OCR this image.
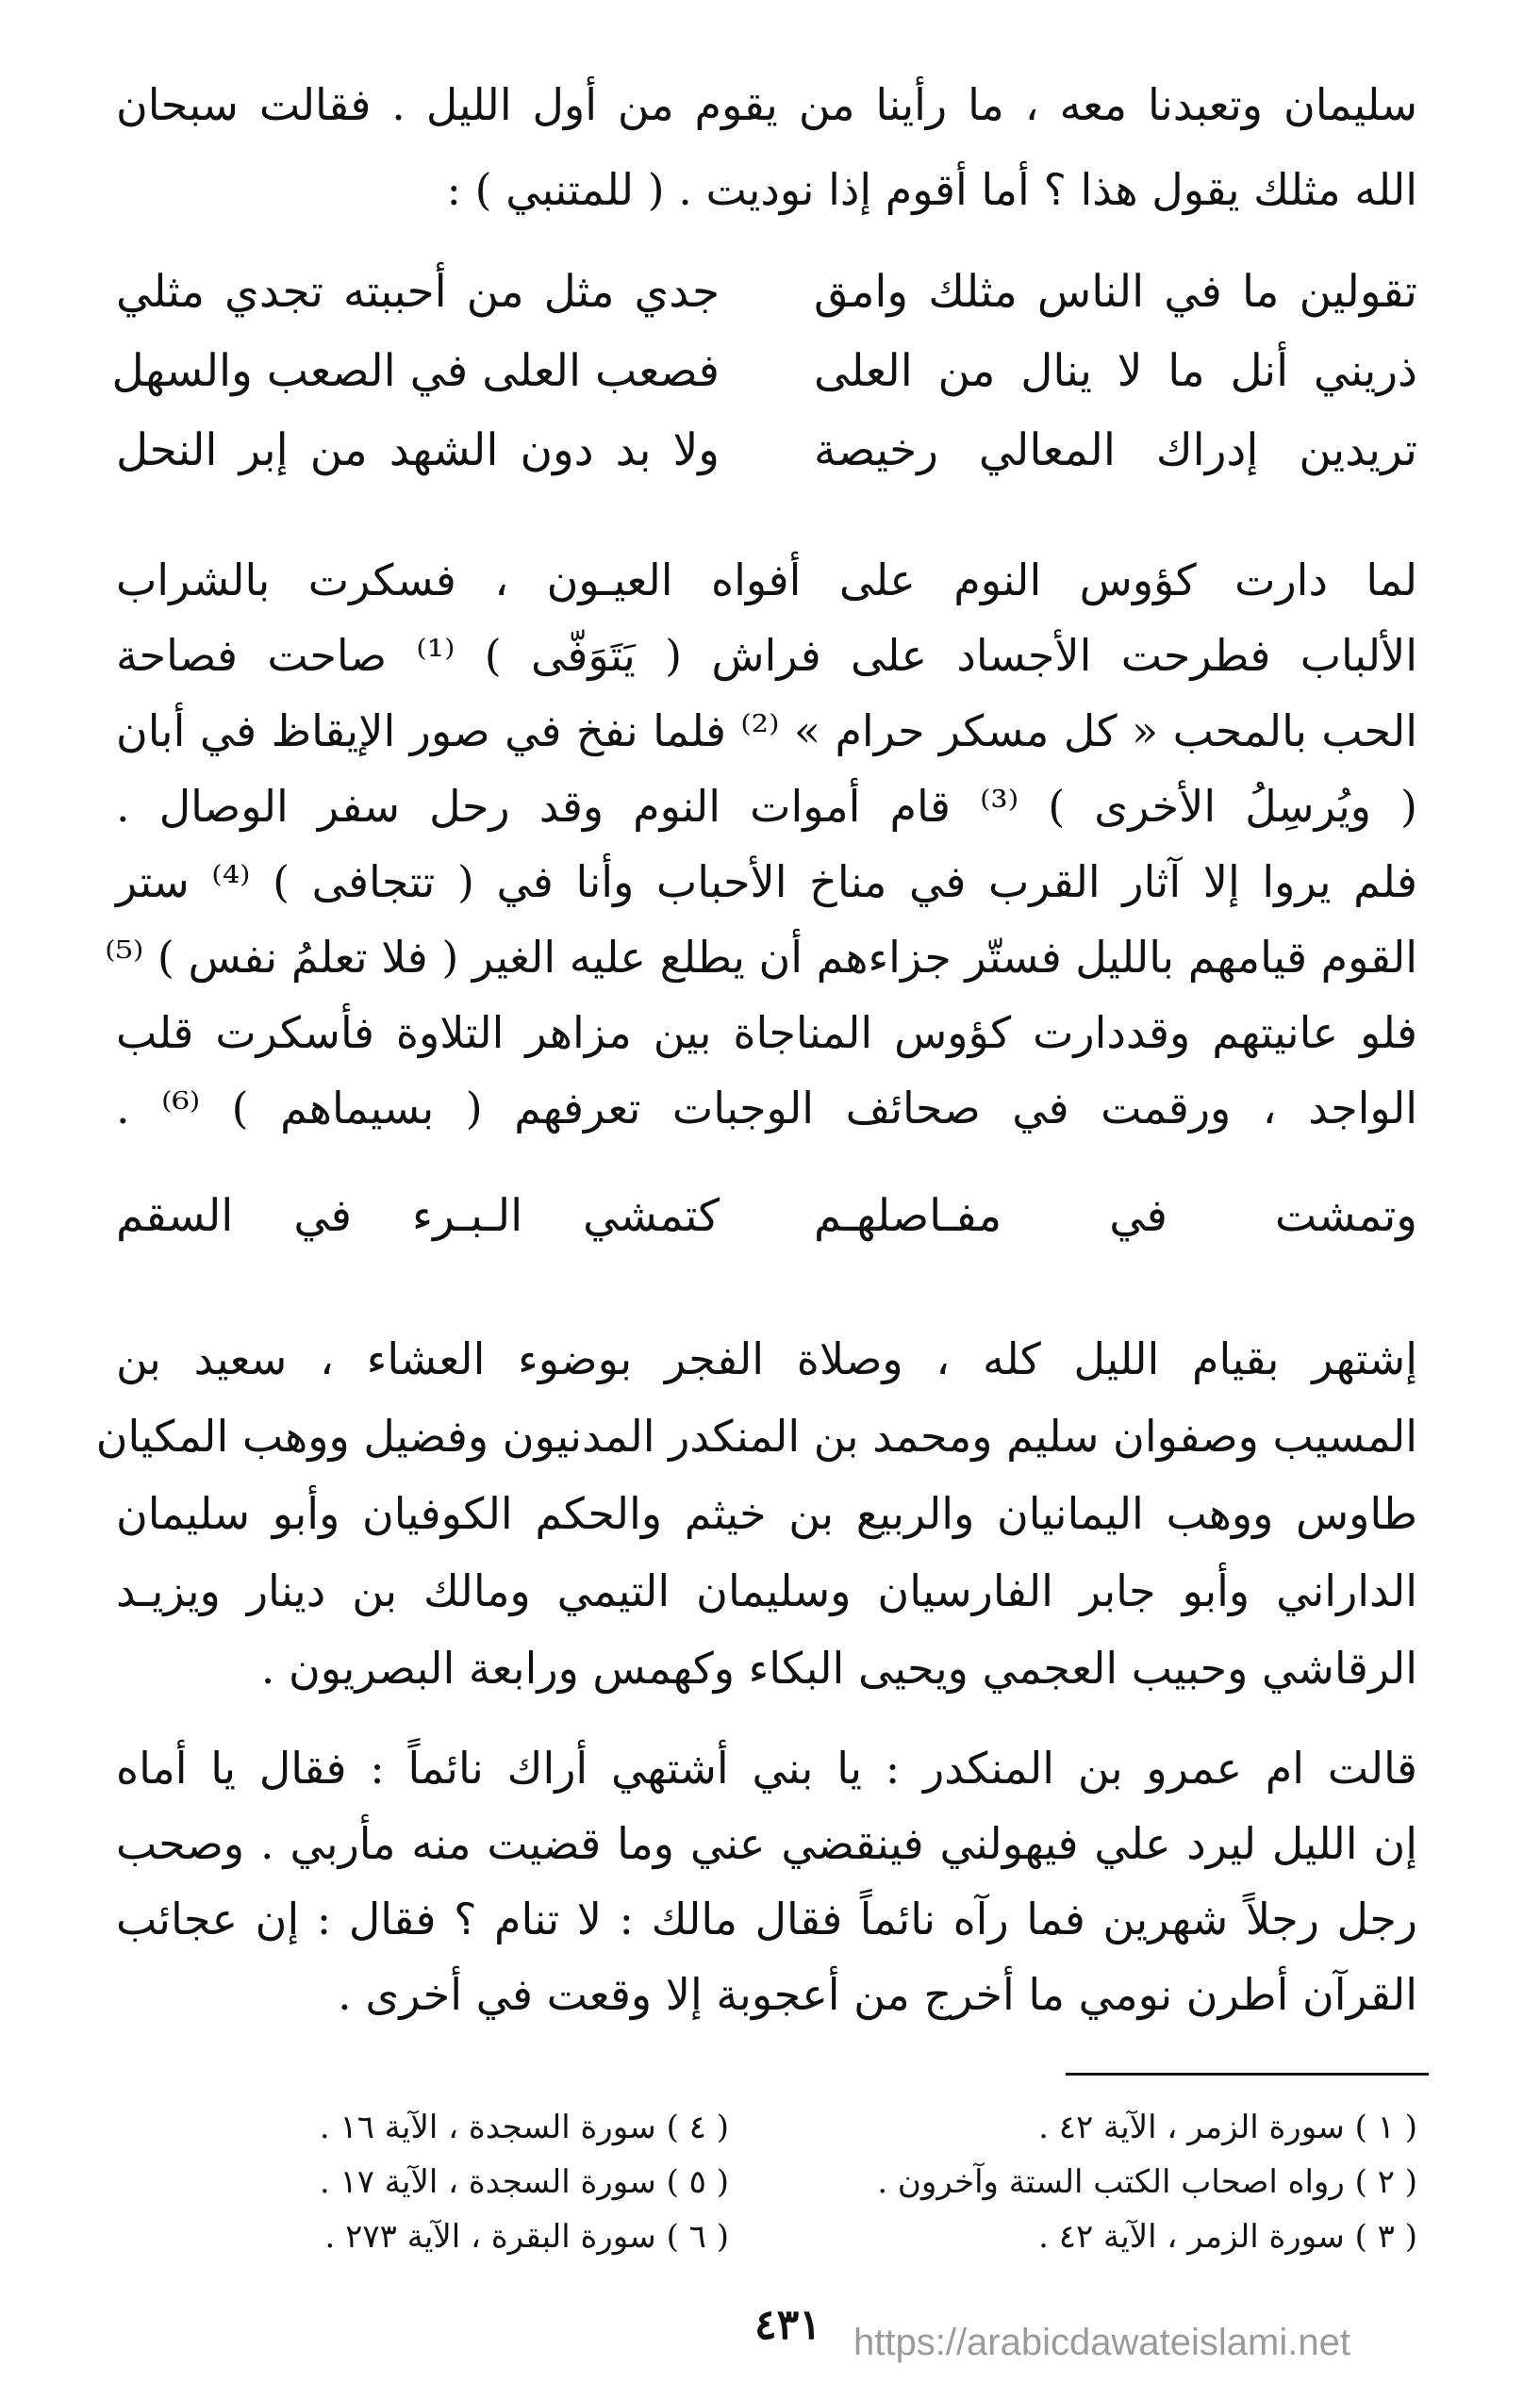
سليمان وتعبدنا معه ، ما رأينا من يقوم من أول الليل . فقالت سبحان
الله مثلك يقول هذا ؟ أما أقوم إذا نوديت . ( للمتنبي ) :
تقولين ما في الناس مثلك وامق
جدي مثل من أحببته تجدي مثلي
ذريني أنل ما لا ينال من العلى
فصعب العلى في الصعب والسهل
تريدين إدراك المعالي رخيصة
ولا بد دون الشهد من إبر النحل
لما دارت كؤوس النوم على أفواه العيـون ، فسكرت بالشراب
الألباب فطرحت الأجساد على فراش ( يَتَوَفّى ) ⁽¹⁾ صاحت فصاحة
الحب بالمحب « كل مسكر حرام » ⁽²⁾ فلما نفخ في صور الإيقاظ في أبان
( ويُرسِلُ الأخرى ) ⁽³⁾ قام أموات النوم وقد رحل سفر الوصال .
فلم يروا إلا آثار القرب في مناخ الأحباب وأنا في ( تتجافى ) ⁽⁴⁾ ستر
القوم قيامهم بالليل فستّر جزاءهم أن يطلع عليه الغير ( فلا تعلمُ نفس ) ⁽⁵⁾
فلو عانيتهم وقددارت كؤوس المناجاة بين مزاهر التلاوة فأسكرت قلب
الواجد ، ورقمت في صحائف الوجبات تعرفهم ( بسيماهم ) ⁽⁶⁾ .
وتمشت في مفـاصلهـم
كتمشي الـبـرء في السقم
إشتهر بقيام الليل كله ، وصلاة الفجر بوضوء العشاء ، سعيد بن
المسيب وصفوان سليم ومحمد بن المنكدر المدنيون وفضيل ووهب المكيان
طاوس ووهب اليمانيان والربيع بن خيثم والحكم الكوفيان وأبو سليمان
الداراني وأبو جابر الفارسيان وسليمان التيمي ومالك بن دينار ويزيـد
الرقاشي وحبيب العجمي ويحيى البكاء وكهمس ورابعة البصريون .
قالت ام عمرو بن المنكدر : يا بني أشتهي أراك نائماً : فقال يا أماه
إن الليل ليرد علي فيهولني فينقضي عني وما قضيت منه مأربي . وصحب
رجل رجلاً شهرين فما رآه نائماً فقال مالك : لا تنام ؟ فقال : إن عجائب
القرآن أطرن نومي ما أخرج من أعجوبة إلا وقعت في أخرى .
( ١ ) سورة الزمر ، الآية ٤٢ .
( ٢ ) رواه اصحاب الكتب الستة وآخرون .
( ٣ ) سورة الزمر ، الآية ٤٢ .
( ٤ ) سورة السجدة ، الآية ١٦ .
( ٥ ) سورة السجدة ، الآية ١٧ .
( ٦ ) سورة البقرة ، الآية ٢٧٣ .
٤٣١ https://arabicdawateislami.net
